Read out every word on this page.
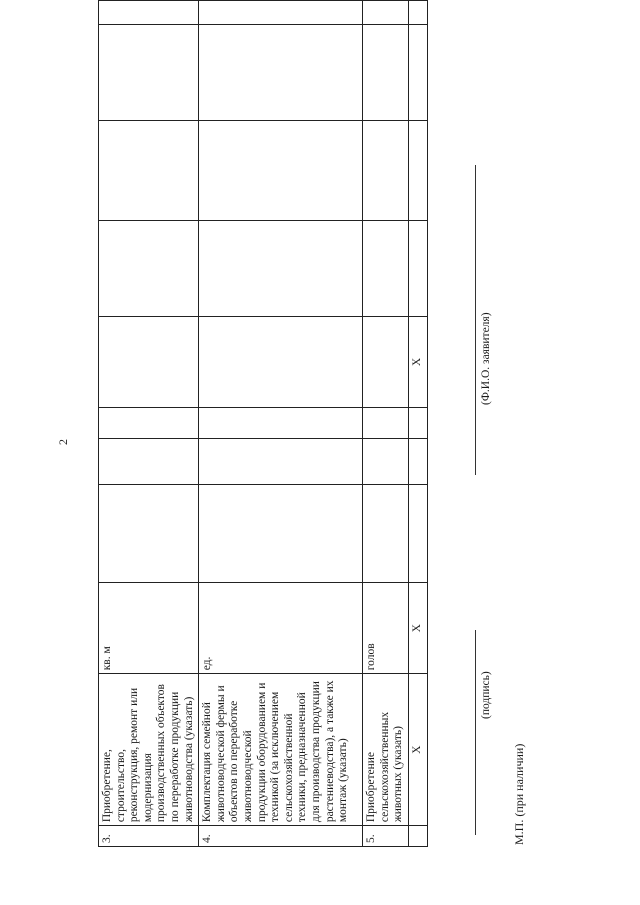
2
3.	Приобретение, строительство, реконструкция, ремонт или модернизация производственных объектов по переработке продукции животноводства (указать)	кв. м								
4.	Комплектация семейной животноводческой фермы и объектов по переработке животноводческой продукции оборудованием и техникой (за исключением сельскохозяйственной техники, предназначенной для производства продукции растениеводства), а также их монтаж (указать)	ед.								
5.	Приобретение сельскохозяйственных животных (указать)	голов								
	X	X				X				
(подпись)
(Ф.И.О. заявителя)
М.П. (при наличии)
